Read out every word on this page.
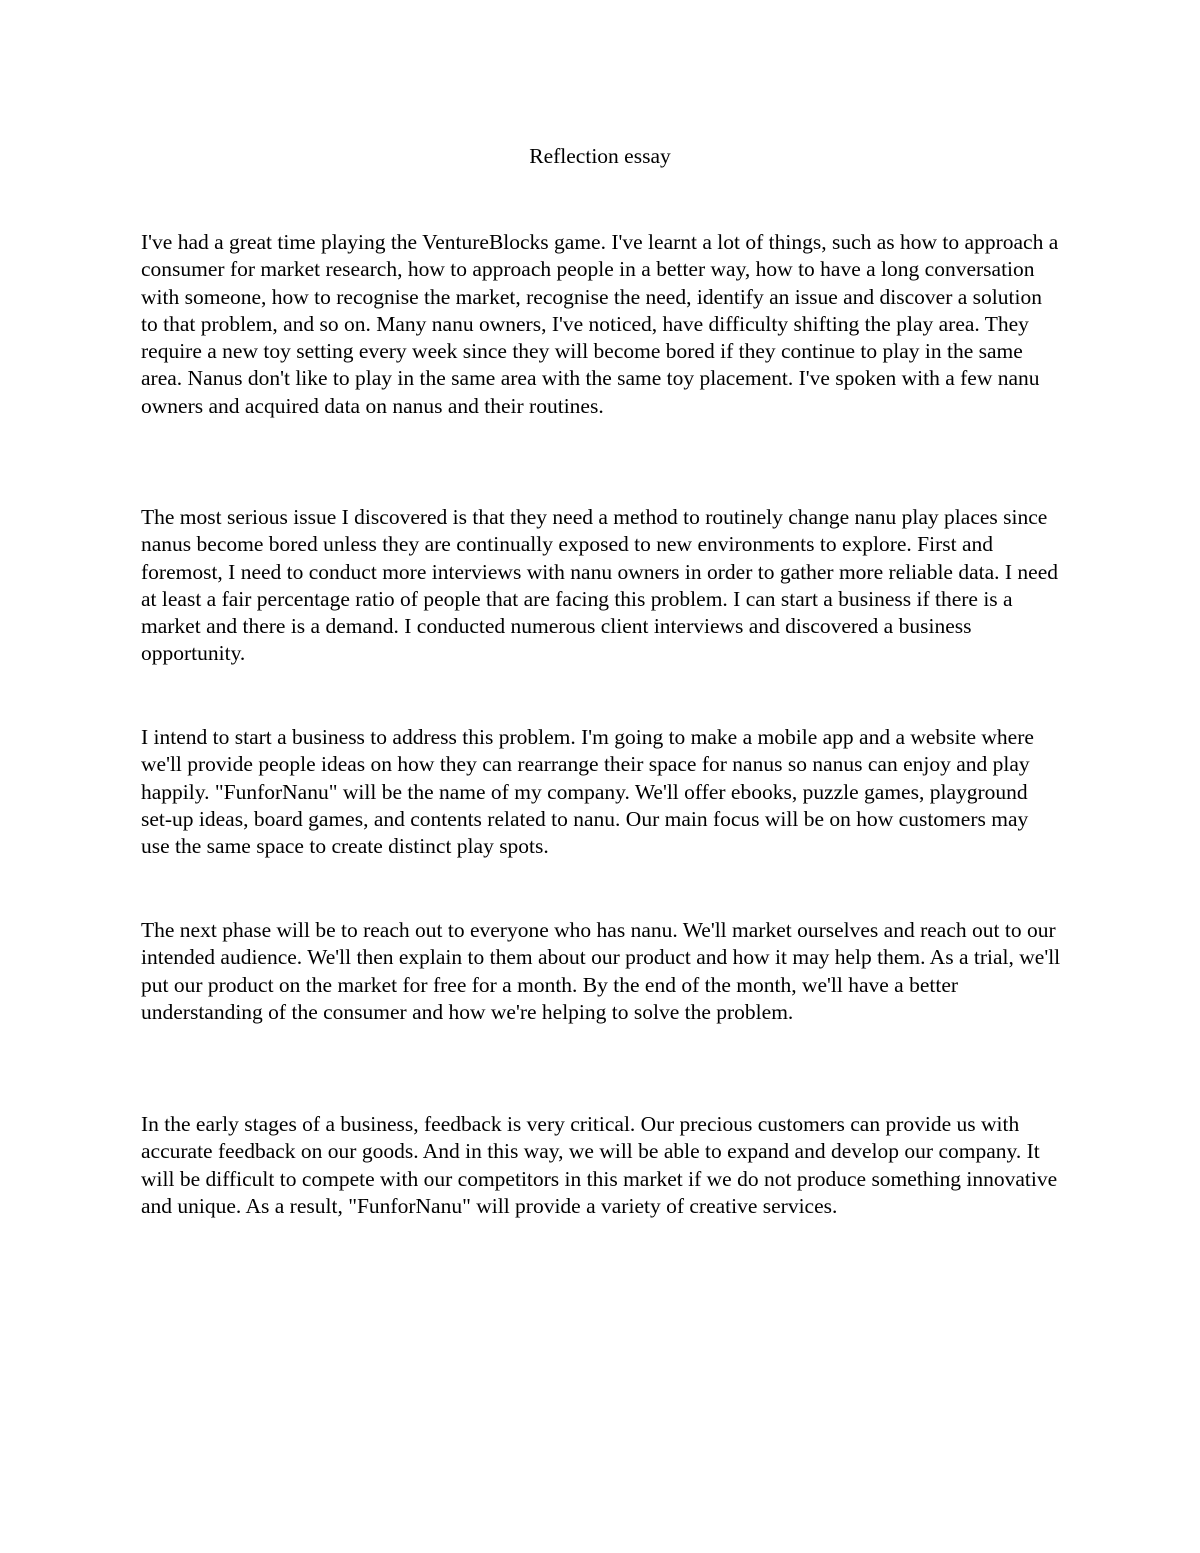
Reflection essay

I've had a great time playing the VentureBlocks game. I've learnt a lot of things, such as how to approach a consumer for market research, how to approach people in a better way, how to have a long conversation with someone, how to recognise the market, recognise the need, identify an issue and discover a solution to that problem, and so on. Many nanu owners, I've noticed, have difficulty shifting the play area. They require a new toy setting every week since they will become bored if they continue to play in the same area. Nanus don't like to play in the same area with the same toy placement. I've spoken with a few nanu owners and acquired data on nanus and their routines.

The most serious issue I discovered is that they need a method to routinely change nanu play places since nanus become bored unless they are continually exposed to new environments to explore. First and foremost, I need to conduct more interviews with nanu owners in order to gather more reliable data. I need at least a fair percentage ratio of people that are facing this problem. I can start a business if there is a market and there is a demand. I conducted numerous client interviews and discovered a business opportunity.

I intend to start a business to address this problem. I'm going to make a mobile app and a website where we'll provide people ideas on how they can rearrange their space for nanus so nanus can enjoy and play happily. "FunforNanu" will be the name of my company. We'll offer ebooks, puzzle games, playground set-up ideas, board games, and contents related to nanu. Our main focus will be on how customers may use the same space to create distinct play spots.

The next phase will be to reach out to everyone who has nanu. We'll market ourselves and reach out to our intended audience. We'll then explain to them about our product and how it may help them. As a trial, we'll put our product on the market for free for a month. By the end of the month, we'll have a better understanding of the consumer and how we're helping to solve the problem.

In the early stages of a business, feedback is very critical. Our precious customers can provide us with accurate feedback on our goods. And in this way, we will be able to expand and develop our company. It will be difficult to compete with our competitors in this market if we do not produce something innovative and unique. As a result, "FunforNanu" will provide a variety of creative services.
